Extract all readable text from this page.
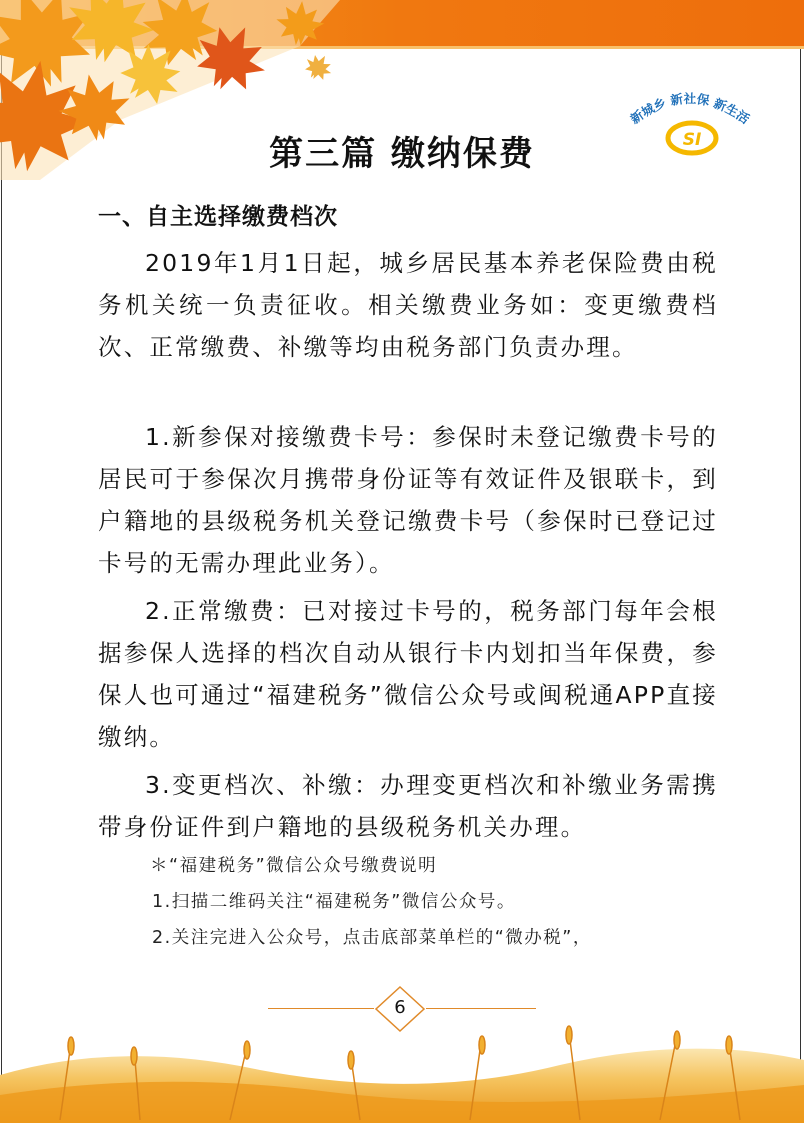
新城乡 新社保 新生活
SI
第三篇 缴纳保费
一、自主选择缴费档次

2019年1月1日起，城乡居民基本养老保险费由税务机关统一负责征收。相关缴费业务如：变更缴费档次、正常缴费、补缴等均由税务部门负责办理。

1.新参保对接缴费卡号：参保时未登记缴费卡号的居民可于参保次月携带身份证等有效证件及银联卡，到户籍地的县级税务机关登记缴费卡号（参保时已登记过卡号的无需办理此业务）。

2.正常缴费：已对接过卡号的，税务部门每年会根据参保人选择的档次自动从银行卡内划扣当年保费，参保人也可通过“福建税务”微信公众号或闽税通APP直接缴纳。

3.变更档次、补缴：办理变更档次和补缴业务需携带身份证件到户籍地的县级税务机关办理。

＊“福建税务”微信公众号缴费说明
1.扫描二维码关注“福建税务”微信公众号。
2.关注完进入公众号，点击底部菜单栏的“微办税”，
6
